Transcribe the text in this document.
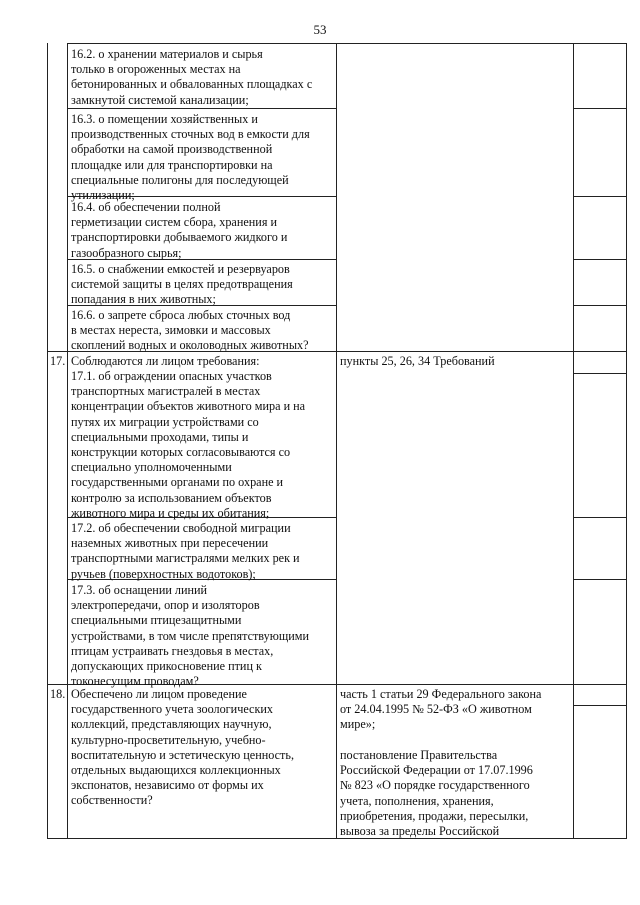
53
16.2. о хранении материалов и сырья
только в огороженных местах на
бетонированных и обвалованных площадках с
замкнутой системой канализации;
16.3. о помещении хозяйственных и
производственных сточных вод в емкости для
обработки на самой производственной
площадке или для транспортировки на
специальные полигоны для последующей
утилизации;
16.4. об обеспечении полной
герметизации систем сбора, хранения и
транспортировки добываемого жидкого и
газообразного сырья;
16.5. о снабжении емкостей и резервуаров
системой защиты в целях предотвращения
попадания в них животных;
16.6. о запрете сброса любых сточных вод
в местах нереста, зимовки и массовых
скоплений водных и околоводных животных?
17. Соблюдаются ли лицом требования:
17.1. об ограждении опасных участков
транспортных магистралей в местах
концентрации объектов животного мира и на
путях их миграции устройствами со
специальными проходами, типы и
конструкции которых согласовываются со
специально уполномоченными
государственными органами по охране и
контролю за использованием объектов
животного мира и среды их обитания;
пункты 25, 26, 34 Требований
17.2. об обеспечении свободной миграции
наземных животных при пересечении
транспортными магистралями мелких рек и
ручьев (поверхностных водотоков);
17.3. об оснащении линий
электропередачи, опор и изоляторов
специальными птицезащитными
устройствами, в том числе препятствующими
птицам устраивать гнездовья в местах,
допускающих прикосновение птиц к
токонесущим проводам?
18. Обеспечено ли лицом проведение
государственного учета зоологических
коллекций, представляющих научную,
культурно-просветительную, учебно-
воспитательную и эстетическую ценность,
отдельных выдающихся коллекционных
экспонатов, независимо от формы их
собственности?
часть 1 статьи 29 Федерального закона
от 24.04.1995 № 52-ФЗ «О животном
мире»;
постановление Правительства
Российской Федерации от 17.07.1996
№ 823 «О порядке государственного
учета, пополнения, хранения,
приобретения, продажи, пересылки,
вывоза за пределы Российской
